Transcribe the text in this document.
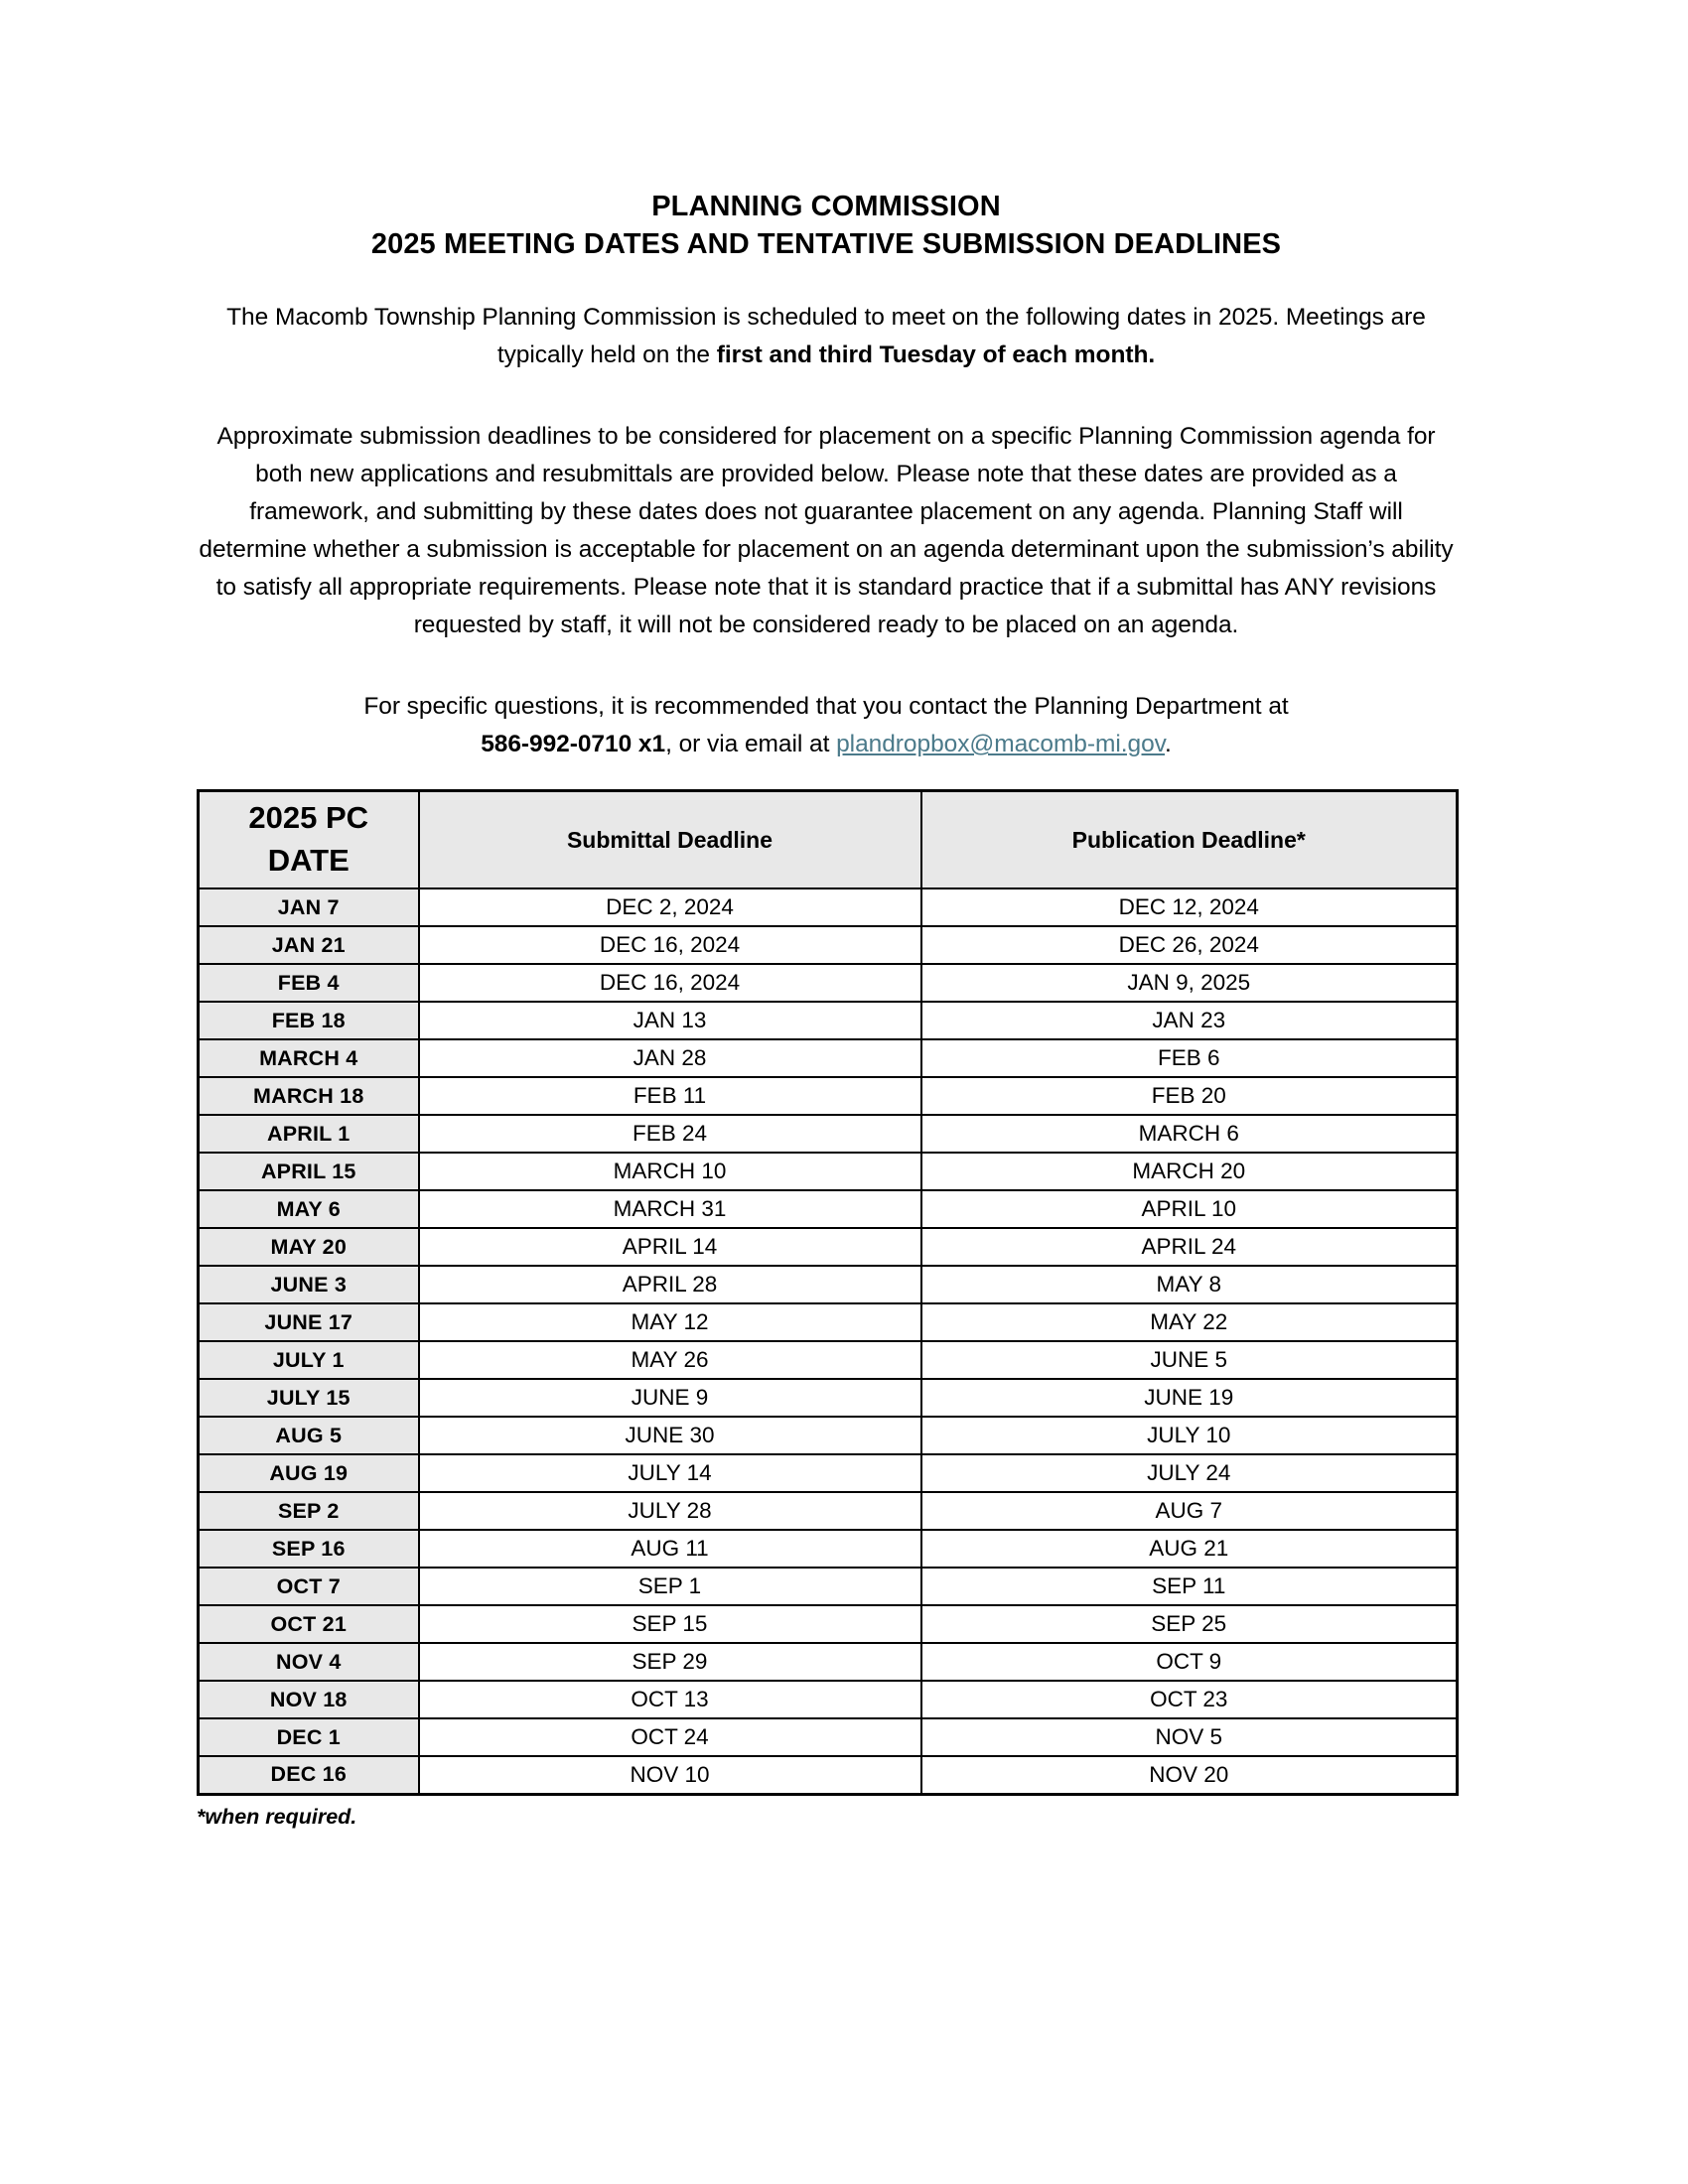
PLANNING COMMISSION
2025 MEETING DATES AND TENTATIVE SUBMISSION DEADLINES

The Macomb Township Planning Commission is scheduled to meet on the following dates in 2025. Meetings are typically held on the first and third Tuesday of each month.

Approximate submission deadlines to be considered for placement on a specific Planning Commission agenda for both new applications and resubmittals are provided below. Please note that these dates are provided as a framework, and submitting by these dates does not guarantee placement on any agenda. Planning Staff will determine whether a submission is acceptable for placement on an agenda determinant upon the submission’s ability to satisfy all appropriate requirements. Please note that it is standard practice that if a submittal has ANY revisions requested by staff, it will not be considered ready to be placed on an agenda.

For specific questions, it is recommended that you contact the Planning Department at
586-992-0710 x1, or via email at plandropbox@macomb-mi.gov.

2025 PC
DATE	Submittal Deadline	Publication Deadline*
JAN 7	DEC 2, 2024	DEC 12, 2024
JAN 21	DEC 16, 2024	DEC 26, 2024
FEB 4	DEC 16, 2024	JAN 9, 2025
FEB 18	JAN 13	JAN 23
MARCH 4	JAN 28	FEB 6
MARCH 18	FEB 11	FEB 20
APRIL 1	FEB 24	MARCH 6
APRIL 15	MARCH 10	MARCH 20
MAY 6	MARCH 31	APRIL 10
MAY 20	APRIL 14	APRIL 24
JUNE 3	APRIL 28	MAY 8
JUNE 17	MAY 12	MAY 22
JULY 1	MAY 26	JUNE 5
JULY 15	JUNE 9	JUNE 19
AUG 5	JUNE 30	JULY 10
AUG 19	JULY 14	JULY 24
SEP 2	JULY 28	AUG 7
SEP 16	AUG 11	AUG 21
OCT 7	SEP 1	SEP 11
OCT 21	SEP 15	SEP 25
NOV 4	SEP 29	OCT 9
NOV 18	OCT 13	OCT 23
DEC 1	OCT 24	NOV 5
DEC 16	NOV 10	NOV 20
*when required.
